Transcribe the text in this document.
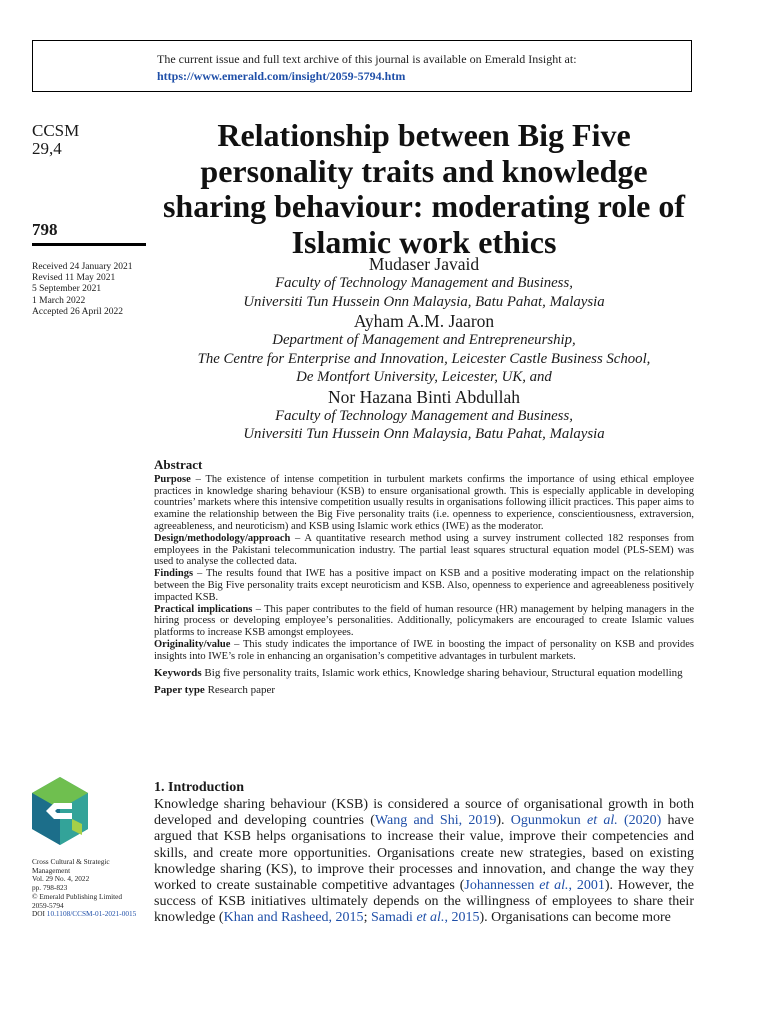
The current issue and full text archive of this journal is available on Emerald Insight at:
https://www.emerald.com/insight/2059-5794.htm
CCSM
29,4
798
Received 24 January 2021
Revised 11 May 2021
5 September 2021
1 March 2022
Accepted 26 April 2022
Cross Cultural & Strategic
Management
Vol. 29 No. 4, 2022
pp. 798-823
© Emerald Publishing Limited
2059-5794
DOI 10.1108/CCSM-01-2021-0015
Relationship between Big Five personality traits and knowledge sharing behaviour: moderating role of Islamic work ethics
Mudaser Javaid
Faculty of Technology Management and Business,
Universiti Tun Hussein Onn Malaysia, Batu Pahat, Malaysia
Ayham A.M. Jaaron
Department of Management and Entrepreneurship,
The Centre for Enterprise and Innovation, Leicester Castle Business School,
De Montfort University, Leicester, UK, and
Nor Hazana Binti Abdullah
Faculty of Technology Management and Business,
Universiti Tun Hussein Onn Malaysia, Batu Pahat, Malaysia
Abstract

Purpose – The existence of intense competition in turbulent markets confirms the importance of using ethical employee practices in knowledge sharing behaviour (KSB) to ensure organisational growth. This is especially applicable in developing countries’ markets where this intensive competition usually results in organisations following illicit practices. This paper aims to examine the relationship between the Big Five personality traits (i.e. openness to experience, conscientiousness, extraversion, agreeableness, and neuroticism) and KSB using Islamic work ethics (IWE) as the moderator.

Design/methodology/approach – A quantitative research method using a survey instrument collected 182 responses from employees in the Pakistani telecommunication industry. The partial least squares structural equation model (PLS-SEM) was used to analyse the collected data.

Findings – The results found that IWE has a positive impact on KSB and a positive moderating impact on the relationship between the Big Five personality traits except neuroticism and KSB. Also, openness to experience and agreeableness positively impacted KSB.

Practical implications – This paper contributes to the field of human resource (HR) management by helping managers in the hiring process or developing employee’s personalities. Additionally, policymakers are encouraged to create Islamic values platforms to increase KSB amongst employees.

Originality/value – This study indicates the importance of IWE in boosting the impact of personality on KSB and provides insights into IWE’s role in enhancing an organisation’s competitive advantages in turbulent markets.

Keywords Big five personality traits, Islamic work ethics, Knowledge sharing behaviour, Structural equation modelling
Paper type Research paper
1. Introduction
Knowledge sharing behaviour (KSB) is considered a source of organisational growth in both developed and developing countries (Wang and Shi, 2019). Ogunmokun et al. (2020) have argued that KSB helps organisations to increase their value, improve their competencies and skills, and create more opportunities. Organisations create new strategies, based on existing knowledge sharing (KS), to improve their processes and innovation, and change the way they worked to create sustainable competitive advantages (Johannessen et al., 2001). However, the success of KSB initiatives ultimately depends on the willingness of employees to share their knowledge (Khan and Rasheed, 2015; Samadi et al., 2015). Organisations can become more
